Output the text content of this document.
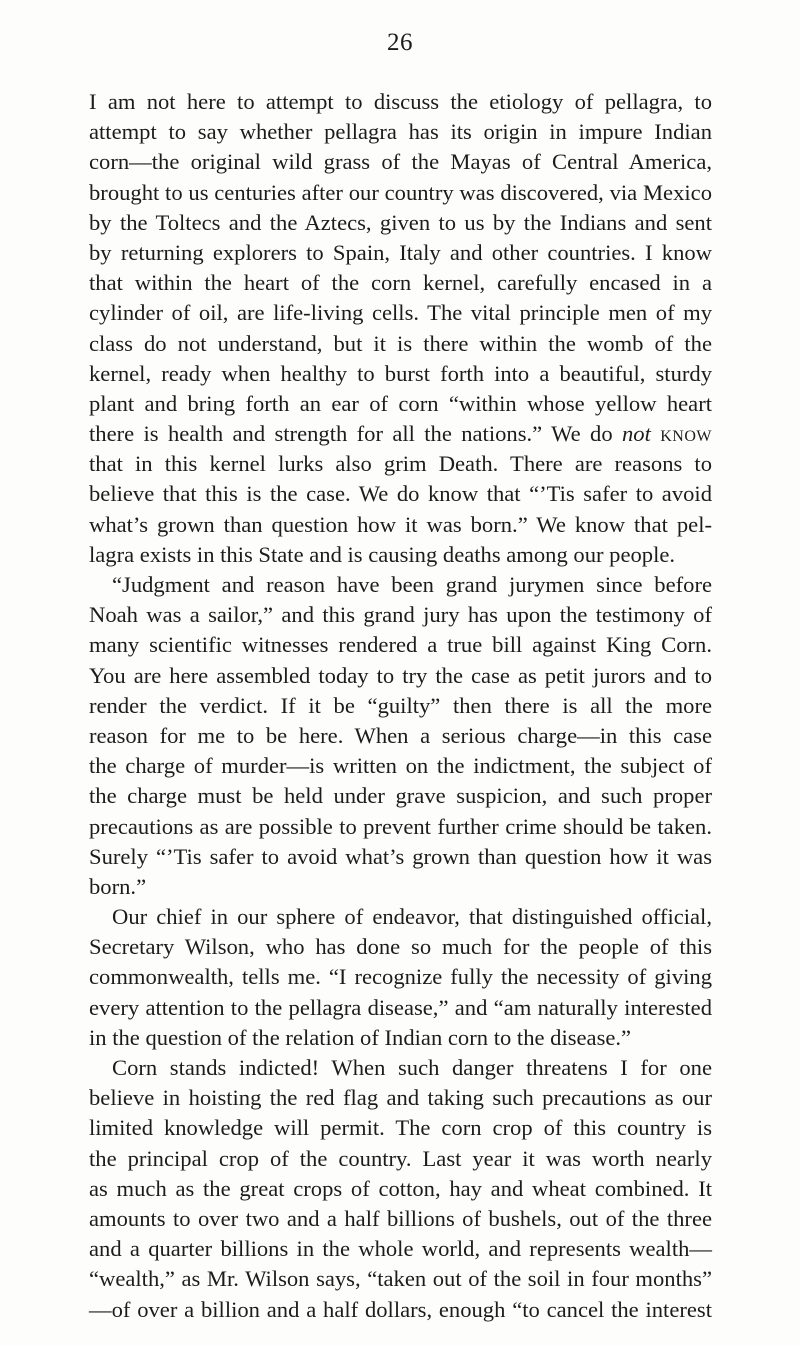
26
I am not here to attempt to discuss the etiology of pellagra, to
attempt to say whether pellagra has its origin in impure Indian
corn—the original wild grass of the Mayas of Central America,
brought to us centuries after our country was discovered, via Mexico
by the Toltecs and the Aztecs, given to us by the Indians and sent
by returning explorers to Spain, Italy and other countries. I know
that within the heart of the corn kernel, carefully encased in a
cylinder of oil, are life-living cells. The vital principle men of my
class do not understand, but it is there within the womb of the
kernel, ready when healthy to burst forth into a beautiful, sturdy
plant and bring forth an ear of corn “within whose yellow heart
there is health and strength for all the nations.” We do not know
that in this kernel lurks also grim Death. There are reasons to
believe that this is the case. We do know that “’Tis safer to avoid
what’s grown than question how it was born.” We know that pel-
lagra exists in this State and is causing deaths among our people.
“Judgment and reason have been grand jurymen since before
Noah was a sailor,” and this grand jury has upon the testimony of
many scientific witnesses rendered a true bill against King Corn.
You are here assembled today to try the case as petit jurors and to
render the verdict. If it be “guilty” then there is all the more
reason for me to be here. When a serious charge—in this case
the charge of murder—is written on the indictment, the subject of
the charge must be held under grave suspicion, and such proper
precautions as are possible to prevent further crime should be taken.
Surely “’Tis safer to avoid what’s grown than question how it was
born.”
Our chief in our sphere of endeavor, that distinguished official,
Secretary Wilson, who has done so much for the people of this
commonwealth, tells me. “I recognize fully the necessity of giving
every attention to the pellagra disease,” and “am naturally interested
in the question of the relation of Indian corn to the disease.”
Corn stands indicted! When such danger threatens I for one
believe in hoisting the red flag and taking such precautions as our
limited knowledge will permit. The corn crop of this country is
the principal crop of the country. Last year it was worth nearly
as much as the great crops of cotton, hay and wheat combined. It
amounts to over two and a half billions of bushels, out of the three
and a quarter billions in the whole world, and represents wealth—
“wealth,” as Mr. Wilson says, “taken out of the soil in four months”
—of over a billion and a half dollars, enough “to cancel the interest
